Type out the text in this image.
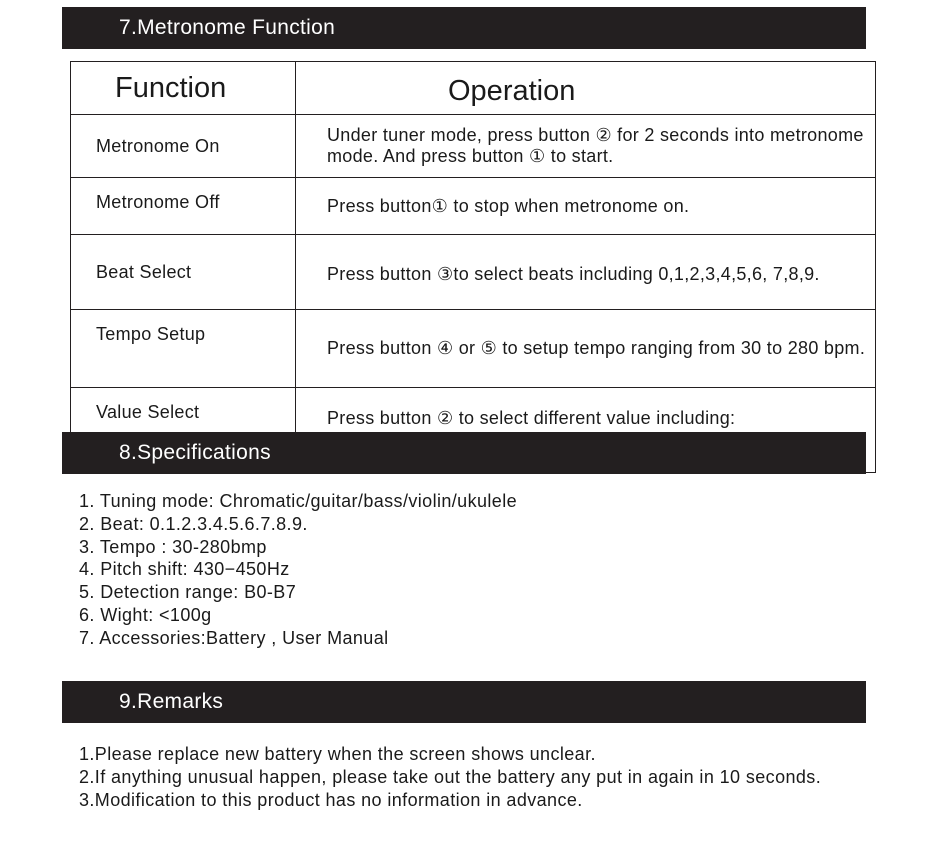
7.Metronome Function
Function	Operation
Metronome On	Under tuner mode, press button ② for 2 seconds into metronome mode. And press button ① to start.
Metronome Off	Press button① to stop when metronome on.
Beat Select	Press button ③to select beats including 0,1,2,3,4,5,6, 7,8,9.
Tempo Setup	Press button ④ or ⑤ to setup tempo ranging from 30 to 280 bpm.
Value Select	Press button ② to select different value including:
8.Specifications
1. Tuning mode: Chromatic/guitar/bass/violin/ukulele
2. Beat: 0.1.2.3.4.5.6.7.8.9.
3. Tempo : 30-280bmp
4. Pitch shift: 430−450Hz
5. Detection range: B0-B7
6. Wight: <100g
7. Accessories:Battery , User Manual
9.Remarks
1.Please replace new battery when the screen shows unclear.
2.If anything unusual happen, please take out the battery any put in again in 10 seconds.
3.Modification to this product has no information in advance.
